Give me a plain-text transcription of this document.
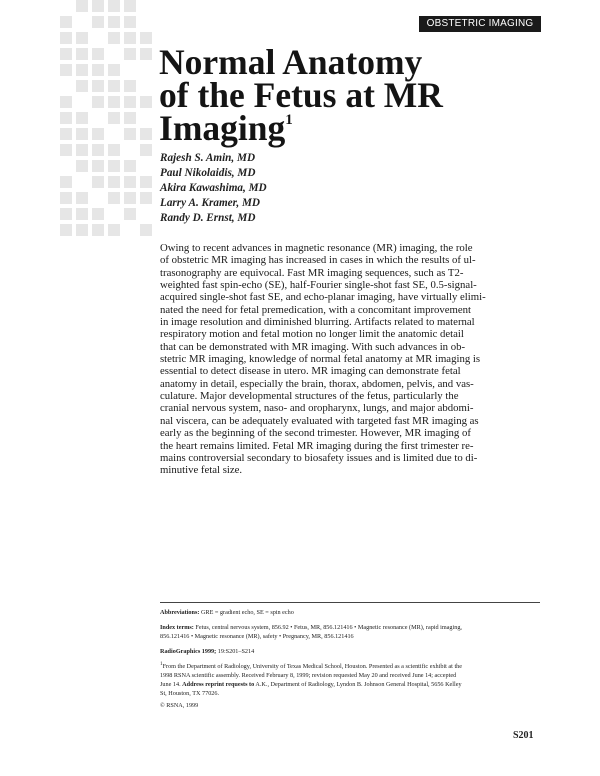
OBSTETRIC IMAGING
Normal Anatomy
of the Fetus at MR
Imaging$^1$
Rajesh S. Amin, MD
Paul Nikolaidis, MD
Akira Kawashima, MD
Larry A. Kramer, MD
Randy D. Ernst, MD

Owing to recent advances in magnetic resonance (MR) imaging, the role
of obstetric MR imaging has increased in cases in which the results of ul-
trasonography are equivocal. Fast MR imaging sequences, such as T2-
weighted fast spin-echo (SE), half-Fourier single-shot fast SE, 0.5-signal-
acquired single-shot fast SE, and echo-planar imaging, have virtually elimi-
nated the need for fetal premedication, with a concomitant improvement
in image resolution and diminished blurring. Artifacts related to maternal
respiratory motion and fetal motion no longer limit the anatomic detail
that can be demonstrated with MR imaging. With such advances in ob-
stetric MR imaging, knowledge of normal fetal anatomy at MR imaging is
essential to detect disease in utero. MR imaging can demonstrate fetal
anatomy in detail, especially the brain, thorax, abdomen, pelvis, and vas-
culature. Major developmental structures of the fetus, particularly the
cranial nervous system, naso- and oropharynx, lungs, and major abdomi-
nal viscera, can be adequately evaluated with targeted fast MR imaging as
early as the beginning of the second trimester. However, MR imaging of
the heart remains limited. Fetal MR imaging during the first trimester re-
mains controversial secondary to biosafety issues and is limited due to di-
minutive fetal size.

Abbreviations: GRE = gradient echo, SE = spin echo
Index terms: Fetus, central nervous system, 856.92 • Fetus, MR, 856.121416 • Magnetic resonance (MR), rapid imaging,
856.121416 • Magnetic resonance (MR), safety • Pregnancy, MR, 856.121416
RadioGraphics 1999; 19:S201–S214
$^1$From the Department of Radiology, University of Texas Medical School, Houston. Presented as a scientific exhibit at the
1998 RSNA scientific assembly. Received February 8, 1999; revision requested May 20 and received June 14; accepted
June 14. Address reprint requests to A.K., Department of Radiology, Lyndon B. Johnson General Hospital, 5656 Kelley
St, Houston, TX 77026.
© RSNA, 1999
S201
